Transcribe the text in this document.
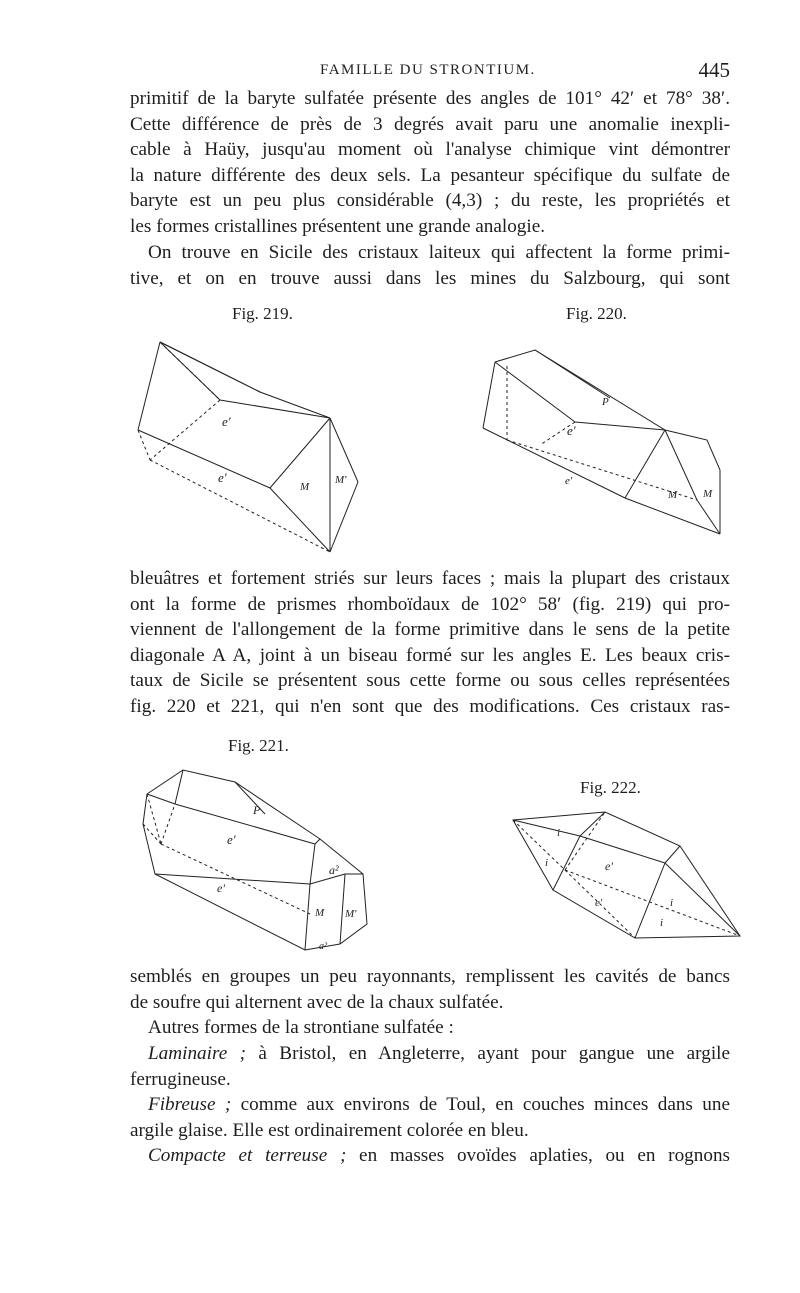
FAMILLE DU STRONTIUM.	445
primitif de la baryte sulfatée présente des angles de 101° 42′ et 78° 38′.
Cette différence de près de 3 degrés avait paru une anomalie inexpli-
cable à Haüy, jusqu'au moment où l'analyse chimique vint démontrer
la nature différente des deux sels. La pesanteur spécifique du sulfate de
baryte est un peu plus considérable (4,3) ; du reste, les propriétés et
les formes cristallines présentent une grande analogie.
On trouve en Sicile des cristaux laiteux qui affectent la forme primi-
tive, et on en trouve aussi dans les mines du Salzbourg, qui sont
Fig. 219.
e'
e'
M
M'
Fig. 220.
P
e'
e'
M M
bleuâtres et fortement striés sur leurs faces ; mais la plupart des cristaux
ont la forme de prismes rhomboïdaux de 102° 58′ (fig. 219) qui pro-
viennent de l'allongement de la forme primitive dans le sens de la petite
diagonale A A, joint à un biseau formé sur les angles E. Les beaux cris-
taux de Sicile se présentent sous cette forme ou sous celles représentées
fig. 220 et 221, qui n'en sont que des modifications. Ces cristaux ras-
Fig. 221.
P
e'
e'
a²
a²
M M'
Fig. 222.
i
i
i
i
e'
e'
semblés en groupes un peu rayonnants, remplissent les cavités de bancs
de soufre qui alternent avec de la chaux sulfatée.
Autres formes de la strontiane sulfatée :
Laminaire ; à Bristol, en Angleterre, ayant pour gangue une argile
ferrugineuse.
Fibreuse ; comme aux environs de Toul, en couches minces dans une
argile glaise. Elle est ordinairement colorée en bleu.
Compacte et terreuse ; en masses ovoïdes aplaties, ou en rognons
